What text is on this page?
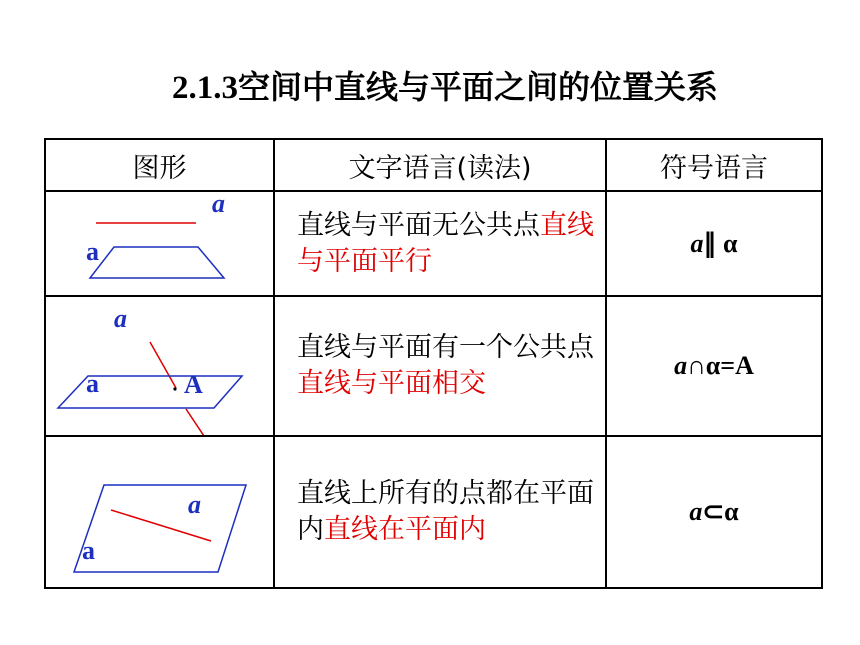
2.1.3空间中直线与平面之间的位置关系
图形	文字语言(读法)	符号语言

a
a	直线与平面无公共点直线与平面平行	a∥ α

a
a A	直线与平面有一个公共点直线与平面相交	a∩α=A

a
a	直线上所有的点都在平面内直线在平面内	a⊂α
